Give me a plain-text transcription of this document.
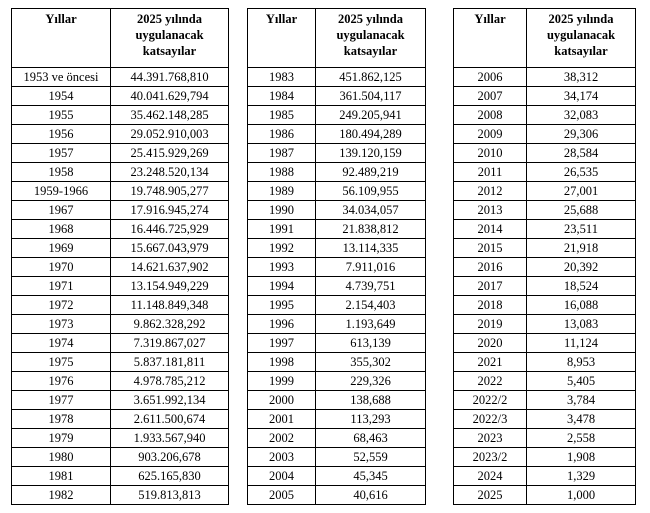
Yıllar	2025 yılında uygulanacak katsayılar
1953 ve öncesi	44.391.768,810
1954	40.041.629,794
1955	35.462.148,285
1956	29.052.910,003
1957	25.415.929,269
1958	23.248.520,134
1959-1966	19.748.905,277
1967	17.916.945,274
1968	16.446.725,929
1969	15.667.043,979
1970	14.621.637,902
1971	13.154.949,229
1972	11.148.849,348
1973	9.862.328,292
1974	7.319.867,027
1975	5.837.181,811
1976	4.978.785,212
1977	3.651.992,134
1978	2.611.500,674
1979	1.933.567,940
1980	903.206,678
1981	625.165,830
1982	519.813,813
Yıllar	2025 yılında uygulanacak katsayılar
1983	451.862,125
1984	361.504,117
1985	249.205,941
1986	180.494,289
1987	139.120,159
1988	92.489,219
1989	56.109,955
1990	34.034,057
1991	21.838,812
1992	13.114,335
1993	7.911,016
1994	4.739,751
1995	2.154,403
1996	1.193,649
1997	613,139
1998	355,302
1999	229,326
2000	138,688
2001	113,293
2002	68,463
2003	52,559
2004	45,345
2005	40,616
Yıllar	2025 yılında uygulanacak katsayılar
2006	38,312
2007	34,174
2008	32,083
2009	29,306
2010	28,584
2011	26,535
2012	27,001
2013	25,688
2014	23,511
2015	21,918
2016	20,392
2017	18,524
2018	16,088
2019	13,083
2020	11,124
2021	8,953
2022	5,405
2022/2	3,784
2022/3	3,478
2023	2,558
2023/2	1,908
2024	1,329
2025	1,000
